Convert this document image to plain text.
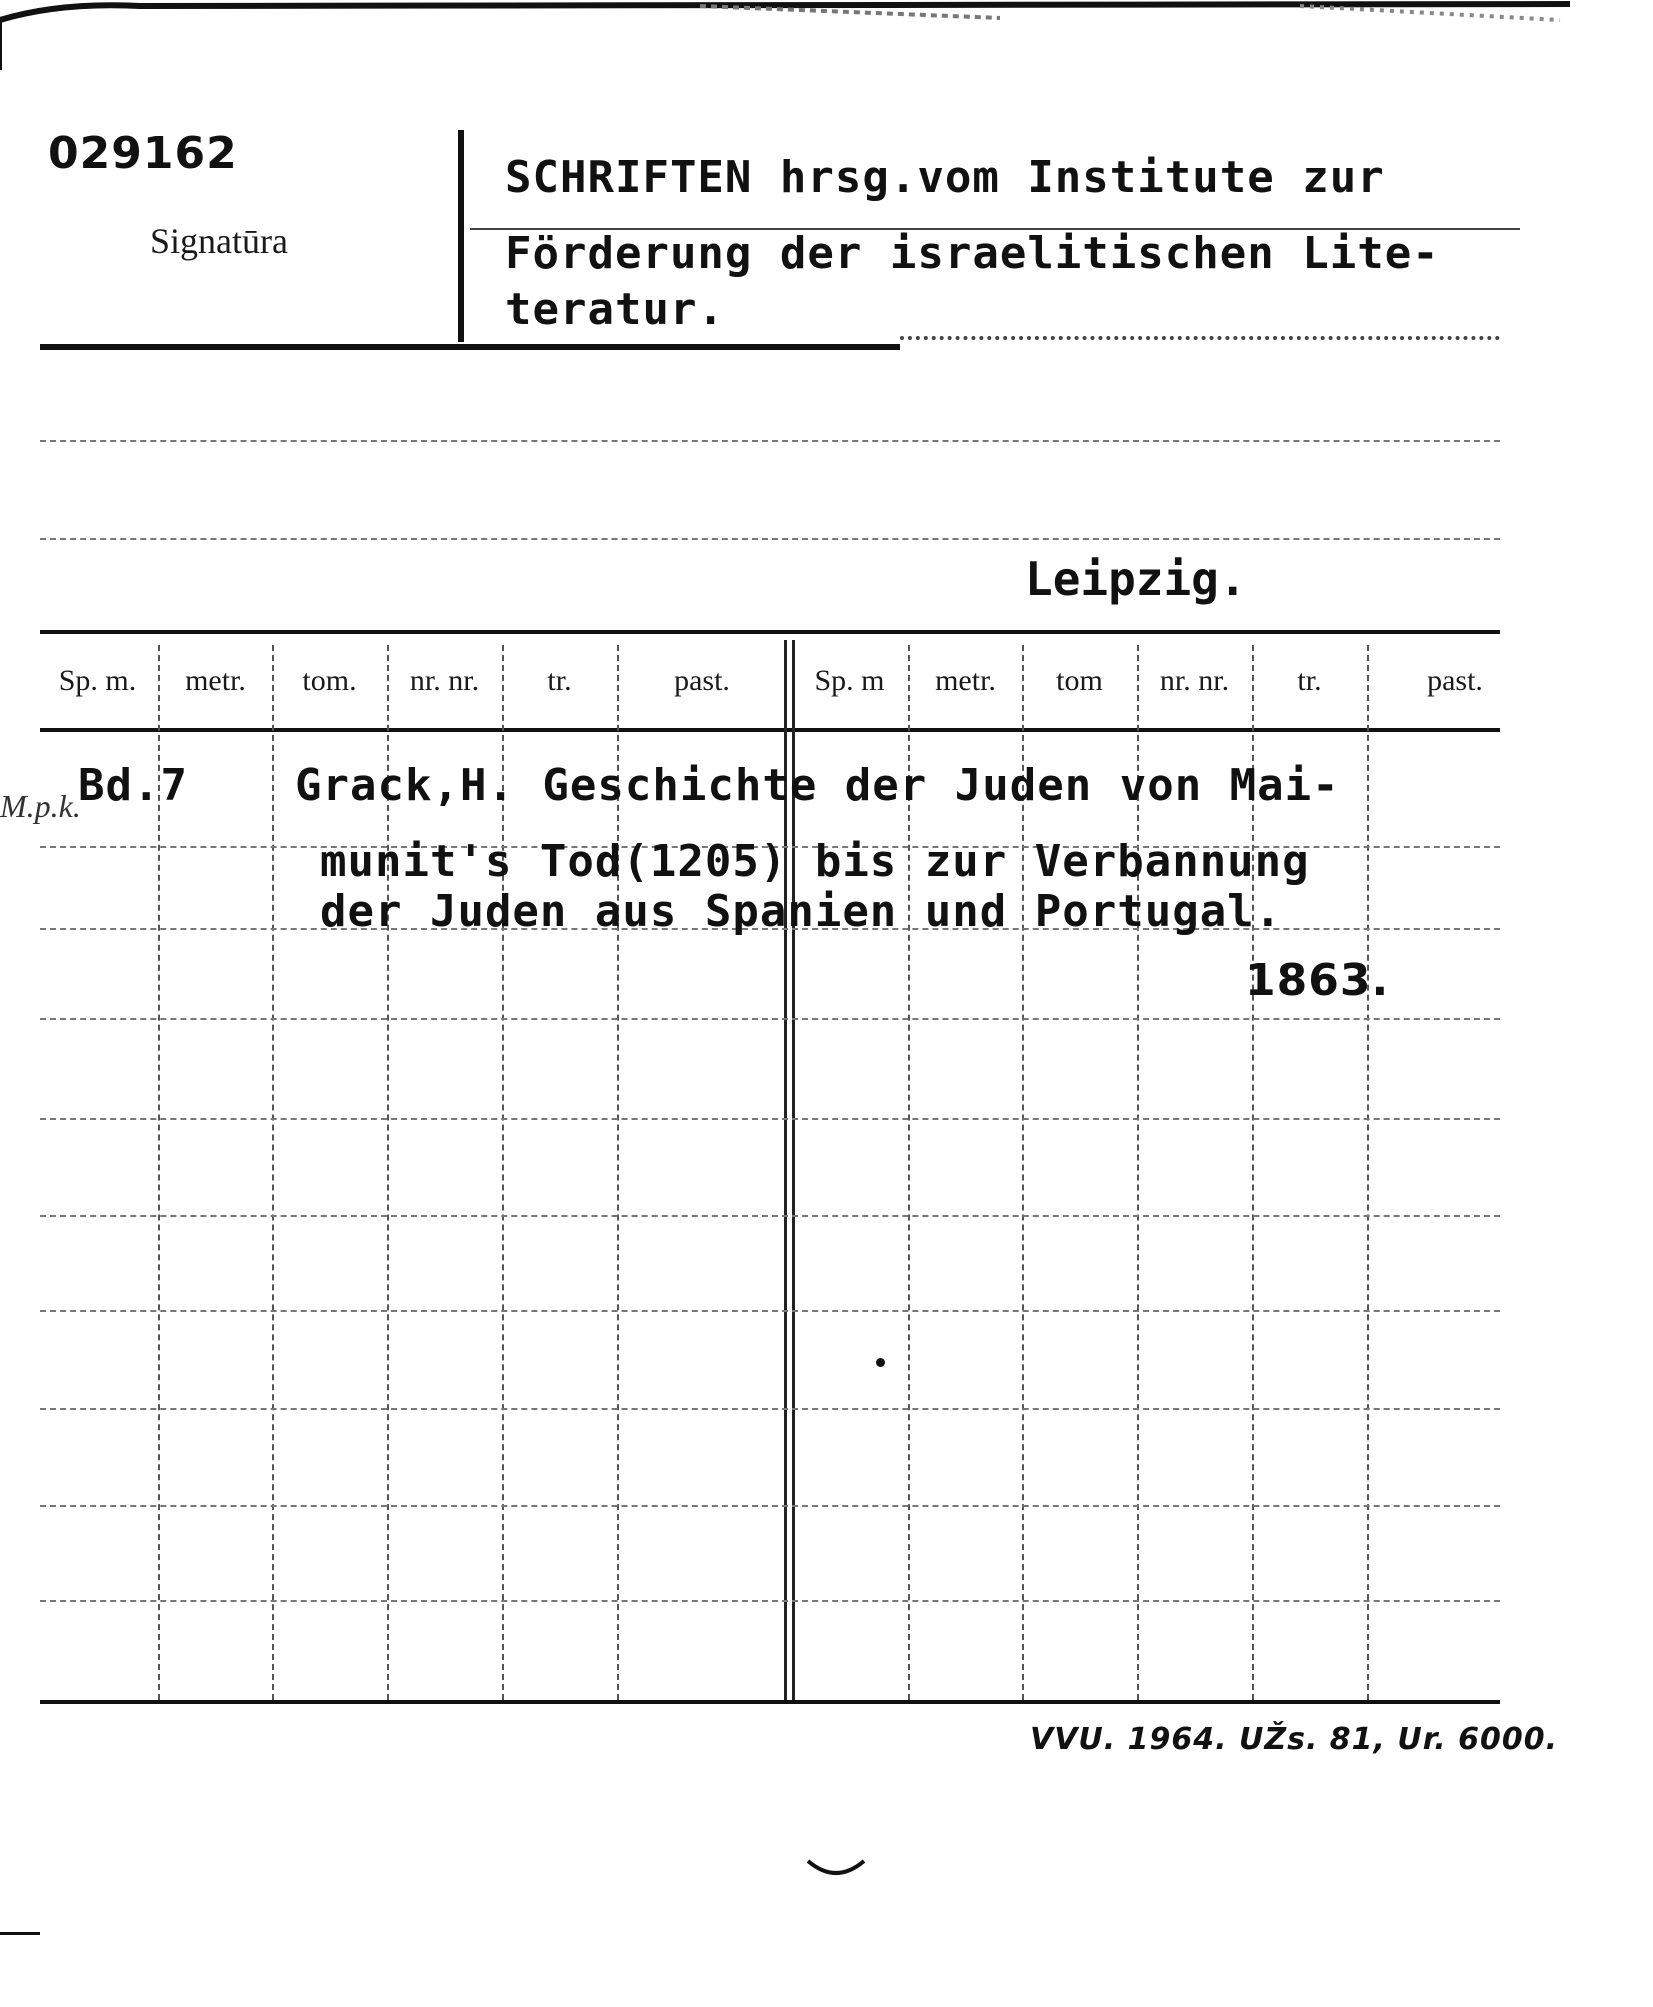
029162
Signatūra
SCHRIFTEN hrsg.vom Institute zur
Förderung der israelitischen Lite-
teratur.
Leipzig.
Sp. m.	metr.	tom.	nr. nr.	tr.	past.	Sp. m	metr.	tom	nr. nr.	tr.	past.
M.p.k.
Bd.7 Grack,H. Geschichte der Juden von Mai-
munit's Tod(1205) bis zur Verbannung
der Juden aus Spanien und Portugal.
1863.
VVU. 1964. UŽs. 81, Ur. 6000.
